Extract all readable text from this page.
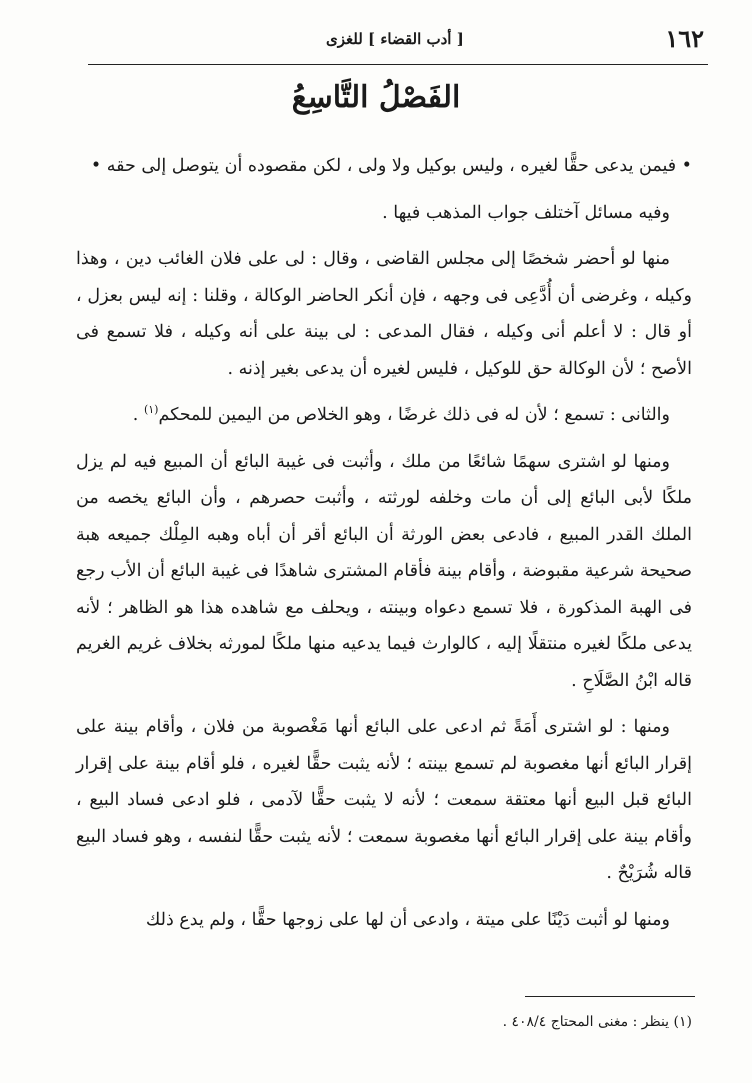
١٦٢
[ أدب القضاء ] للغزى
الفَصْلُ التَّاسِعُ

• فيمن يدعى حقًّا لغيره ، وليس بوكيل ولا ولى ، لكن مقصوده أن يتوصل إلى حقه •

وفيه مسائل آختلف جواب المذهب فيها .

منها لو أحضر شخصًا إلى مجلس القاضى ، وقال : لى على فلان الغائب دين ، وهذا وكيله ، وغرضى أن أُدَّعِى فى وجهه ، فإن أنكر الحاضر الوكالة ، وقلنا : إنه ليس بعزل ، أو قال : لا أعلم أنى وكيله ، فقال المدعى : لى بينة على أنه وكيله ، فلا تسمع فى الأصح ؛ لأن الوكالة حق للوكيل ، فليس لغيره أن يدعى بغير إذنه .

والثانى : تسمع ؛ لأن له فى ذلك غرضًا ، وهو الخلاص من اليمين للمحكم$^{(١)}$ .

ومنها لو اشترى سهمًا شائعًا من ملك ، وأثبت فى غيبة البائع أن المبيع فيه لم يزل ملكًا لأبى البائع إلى أن مات وخلفه لورثته ، وأثبت حصرهم ، وأن البائع يخصه من الملك القدر المبيع ، فادعى بعض الورثة أن البائع أقر أن أباه وهبه المِلْك جميعه هبة صحيحة شرعية مقبوضة ، وأقام بينة فأقام المشترى شاهدًا فى غيبة البائع أن الأب رجع فى الهبة المذكورة ، فلا تسمع دعواه وبينته ، ويحلف مع شاهده هذا هو الظاهر ؛ لأنه يدعى ملكًا لغيره منتقلًا إليه ، كالوارث فيما يدعيه منها ملكًا لمورثه بخلاف غريم الغريم قاله ابْنُ الصَّلَاحِ .

ومنها : لو اشترى أَمَةً ثم ادعى على البائع أنها مَغْصوبة من فلان ، وأقام بينة على إقرار البائع أنها مغصوبة لم تسمع بينته ؛ لأنه يثبت حقًّا لغيره ، فلو أقام بينة على إقرار البائع قبل البيع أنها معتقة سمعت ؛ لأنه لا يثبت حقًّا لآدمى ، فلو ادعى فساد البيع ، وأقام بينة على إقرار البائع أنها مغصوبة سمعت ؛ لأنه يثبت حقًّا لنفسه ، وهو فساد البيع قاله شُرَيْحٌ .

ومنها لو أثبت دَيْنًا على ميتة ، وادعى أن لها على زوجها حقًّا ، ولم يدع ذلك

(١) ينظر : مغنى المحتاج ٤٠٨/٤ .
